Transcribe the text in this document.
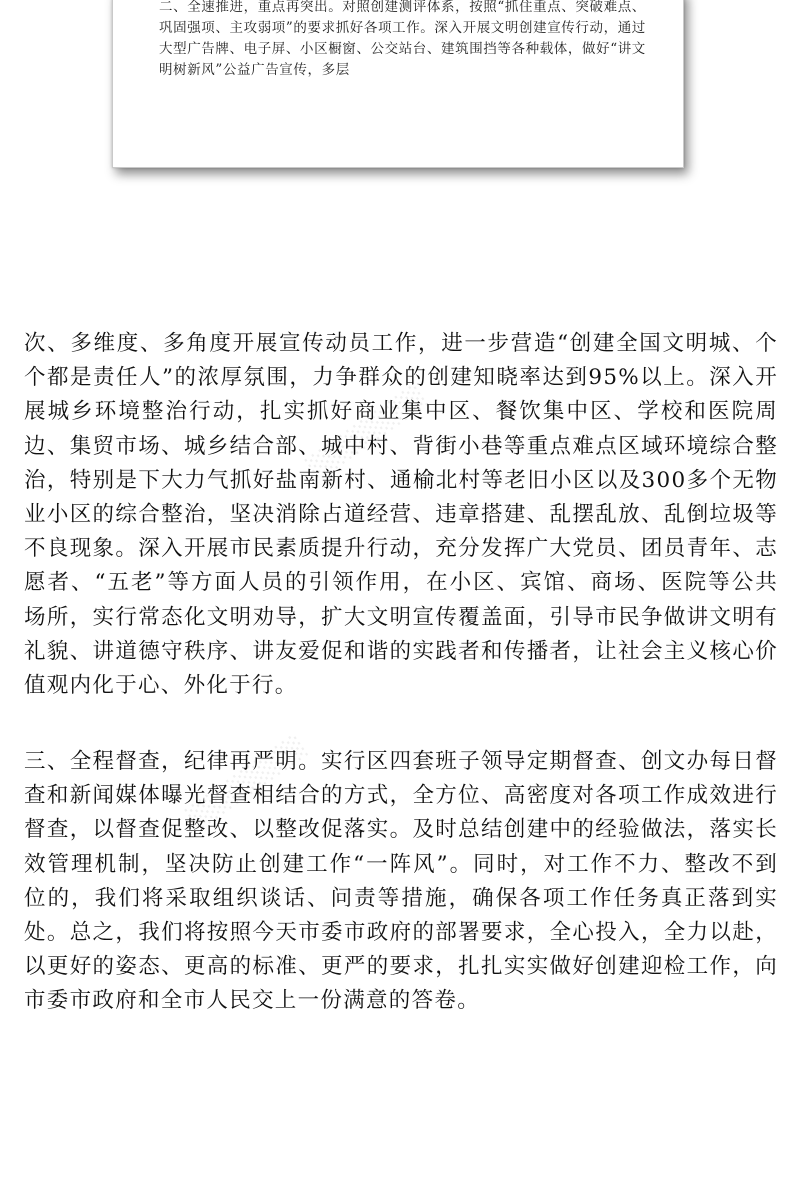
二、全速推进，重点再突出。对照创建测评体系，按照“抓住重点、突破难点、巩固强项、主攻弱项”的要求抓好各项工作。深入开展文明创建宣传行动，通过大型广告牌、电子屏、小区橱窗、公交站台、建筑围挡等各种载体，做好“讲文明树新风”公益广告宣传，多层

░░░░░░░░
░░░░░░░░

次、多维度、多角度开展宣传动员工作，进一步营造“创建全国文明城、个个都是责任人”的浓厚氛围，力争群众的创建知晓率达到95%以上。深入开展城乡环境整治行动，扎实抓好商业集中区、餐饮集中区、学校和医院周边、集贸市场、城乡结合部、城中村、背街小巷等重点难点区域环境综合整治，特别是下大力气抓好盐南新村、通榆北村等老旧小区以及300多个无物业小区的综合整治，坚决消除占道经营、违章搭建、乱摆乱放、乱倒垃圾等不良现象。深入开展市民素质提升行动，充分发挥广大党员、团员青年、志愿者、“五老”等方面人员的引领作用，在小区、宾馆、商场、医院等公共场所，实行常态化文明劝导，扩大文明宣传覆盖面，引导市民争做讲文明有礼貌、讲道德守秩序、讲友爱促和谐的实践者和传播者，让社会主义核心价值观内化于心、外化于行。

三、全程督查，纪律再严明。实行区四套班子领导定期督查、创文办每日督查和新闻媒体曝光督查相结合的方式，全方位、高密度对各项工作成效进行督查，以督查促整改、以整改促落实。及时总结创建中的经验做法，落实长效管理机制，坚决防止创建工作“一阵风”。同时，对工作不力、整改不到位的，我们将采取组织谈话、问责等措施，确保各项工作任务真正落到实处。总之，我们将按照今天市委市政府的部署要求，全心投入，全力以赴，以更好的姿态、更高的标准、更严的要求，扎扎实实做好创建迎检工作，向市委市政府和全市人民交上一份满意的答卷。
